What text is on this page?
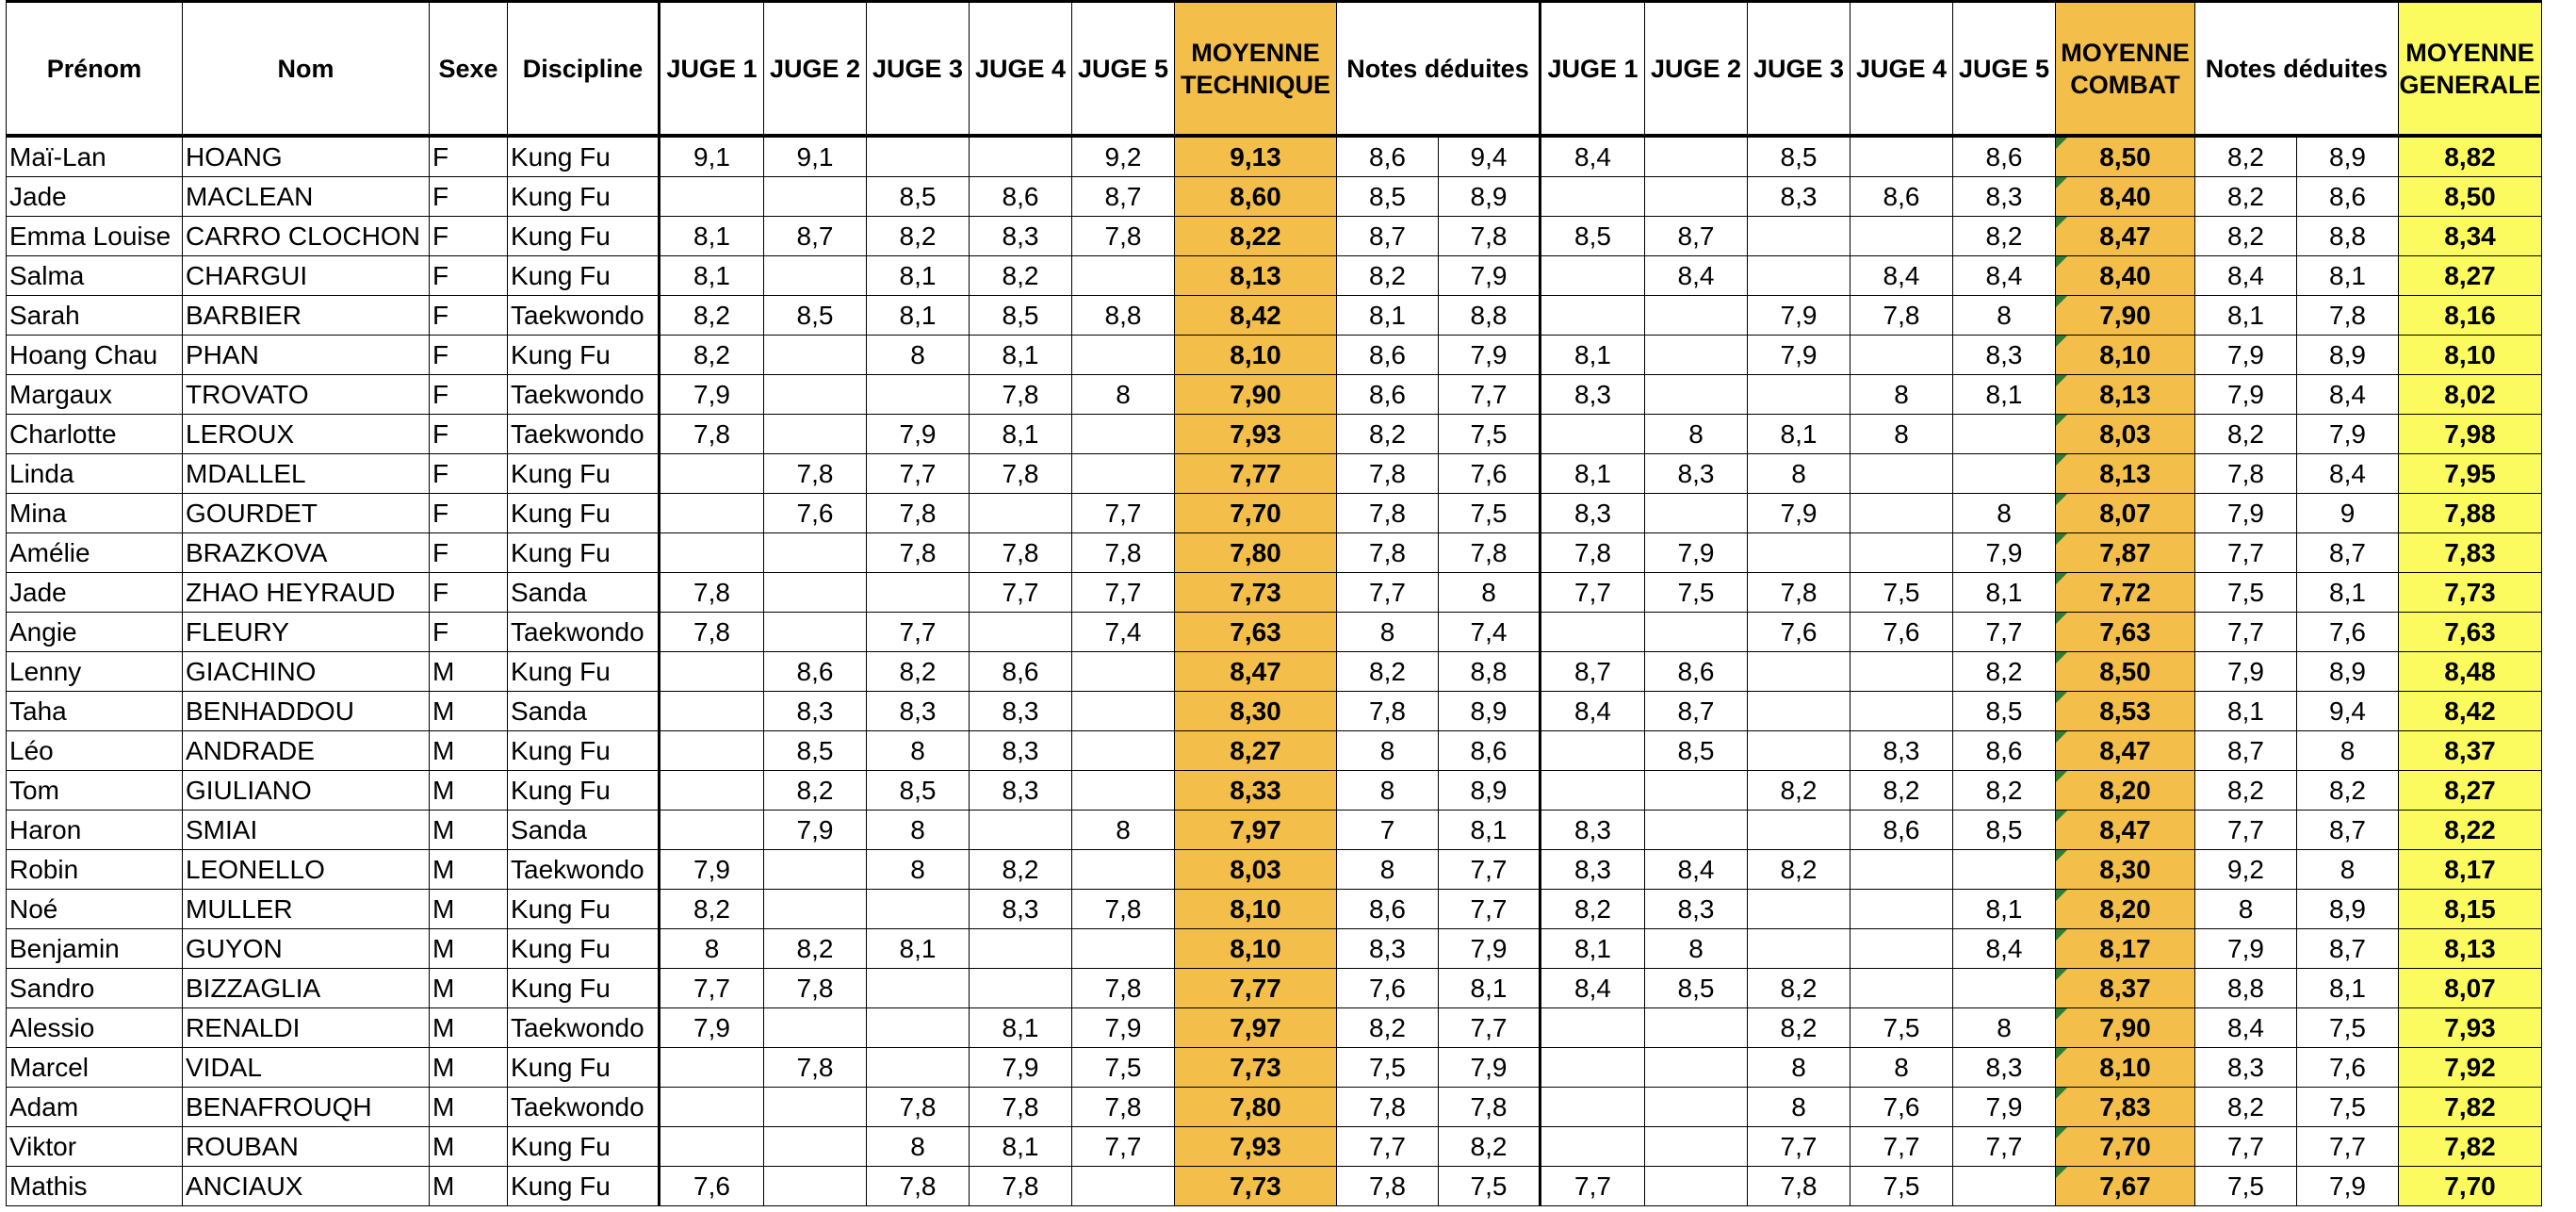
Prénom	Nom	Sexe	Discipline	JUGE 1	JUGE 2	JUGE 3	JUGE 4	JUGE 5	MOYENNE TECHNIQUE	Notes déduites		JUGE 1	JUGE 2	JUGE 3	JUGE 4	JUGE 5	MOYENNE COMBAT	Notes déduites		MOYENNE GENERALE
Maï-Lan	HOANG	F	Kung Fu	9,1	9,1			9,2	9,13	8,6	9,4	8,4		8,5		8,6	8,50	8,2	8,9	8,82
Jade	MACLEAN	F	Kung Fu			8,5	8,6	8,7	8,60	8,5	8,9			8,3	8,6	8,3	8,40	8,2	8,6	8,50
Emma Louise	CARRO CLOCHON	F	Kung Fu	8,1	8,7	8,2	8,3	7,8	8,22	8,7	7,8	8,5	8,7			8,2	8,47	8,2	8,8	8,34
Salma	CHARGUI	F	Kung Fu	8,1		8,1	8,2		8,13	8,2	7,9		8,4		8,4	8,4	8,40	8,4	8,1	8,27
Sarah	BARBIER	F	Taekwondo	8,2	8,5	8,1	8,5	8,8	8,42	8,1	8,8			7,9	7,8	8	7,90	8,1	7,8	8,16
Hoang Chau	PHAN	F	Kung Fu	8,2		8	8,1		8,10	8,6	7,9	8,1		7,9		8,3	8,10	7,9	8,9	8,10
Margaux	TROVATO	F	Taekwondo	7,9			7,8	8	7,90	8,6	7,7	8,3			8	8,1	8,13	7,9	8,4	8,02
Charlotte	LEROUX	F	Taekwondo	7,8		7,9	8,1		7,93	8,2	7,5		8	8,1	8		8,03	8,2	7,9	7,98
Linda	MDALLEL	F	Kung Fu		7,8	7,7	7,8		7,77	7,8	7,6	8,1	8,3	8			8,13	7,8	8,4	7,95
Mina	GOURDET	F	Kung Fu		7,6	7,8		7,7	7,70	7,8	7,5	8,3		7,9		8	8,07	7,9	9	7,88
Amélie	BRAZKOVA	F	Kung Fu			7,8	7,8	7,8	7,80	7,8	7,8	7,8	7,9			7,9	7,87	7,7	8,7	7,83
Jade	ZHAO HEYRAUD	F	Sanda	7,8			7,7	7,7	7,73	7,7	8	7,7	7,5	7,8	7,5	8,1	7,72	7,5	8,1	7,73
Angie	FLEURY	F	Taekwondo	7,8		7,7		7,4	7,63	8	7,4			7,6	7,6	7,7	7,63	7,7	7,6	7,63
Lenny	GIACHINO	M	Kung Fu		8,6	8,2	8,6		8,47	8,2	8,8	8,7	8,6			8,2	8,50	7,9	8,9	8,48
Taha	BENHADDOU	M	Sanda		8,3	8,3	8,3		8,30	7,8	8,9	8,4	8,7			8,5	8,53	8,1	9,4	8,42
Léo	ANDRADE	M	Kung Fu		8,5	8	8,3		8,27	8	8,6		8,5		8,3	8,6	8,47	8,7	8	8,37
Tom	GIULIANO	M	Kung Fu		8,2	8,5	8,3		8,33	8	8,9			8,2	8,2	8,2	8,20	8,2	8,2	8,27
Haron	SMIAI	M	Sanda		7,9	8		8	7,97	7	8,1	8,3			8,6	8,5	8,47	7,7	8,7	8,22
Robin	LEONELLO	M	Taekwondo	7,9		8	8,2		8,03	8	7,7	8,3	8,4	8,2			8,30	9,2	8	8,17
Noé	MULLER	M	Kung Fu	8,2			8,3	7,8	8,10	8,6	7,7	8,2	8,3			8,1	8,20	8	8,9	8,15
Benjamin	GUYON	M	Kung Fu	8	8,2	8,1			8,10	8,3	7,9	8,1	8			8,4	8,17	7,9	8,7	8,13
Sandro	BIZZAGLIA	M	Kung Fu	7,7	7,8			7,8	7,77	7,6	8,1	8,4	8,5	8,2			8,37	8,8	8,1	8,07
Alessio	RENALDI	M	Taekwondo	7,9			8,1	7,9	7,97	8,2	7,7			8,2	7,5	8	7,90	8,4	7,5	7,93
Marcel	VIDAL	M	Kung Fu		7,8		7,9	7,5	7,73	7,5	7,9			8	8	8,3	8,10	8,3	7,6	7,92
Adam	BENAFROUQH	M	Taekwondo			7,8	7,8	7,8	7,80	7,8	7,8			8	7,6	7,9	7,83	8,2	7,5	7,82
Viktor	ROUBAN	M	Kung Fu			8	8,1	7,7	7,93	7,7	8,2			7,7	7,7	7,7	7,70	7,7	7,7	7,82
Mathis	ANCIAUX	M	Kung Fu	7,6		7,8	7,8		7,73	7,8	7,5	7,7		7,8	7,5		7,67	7,5	7,9	7,70
